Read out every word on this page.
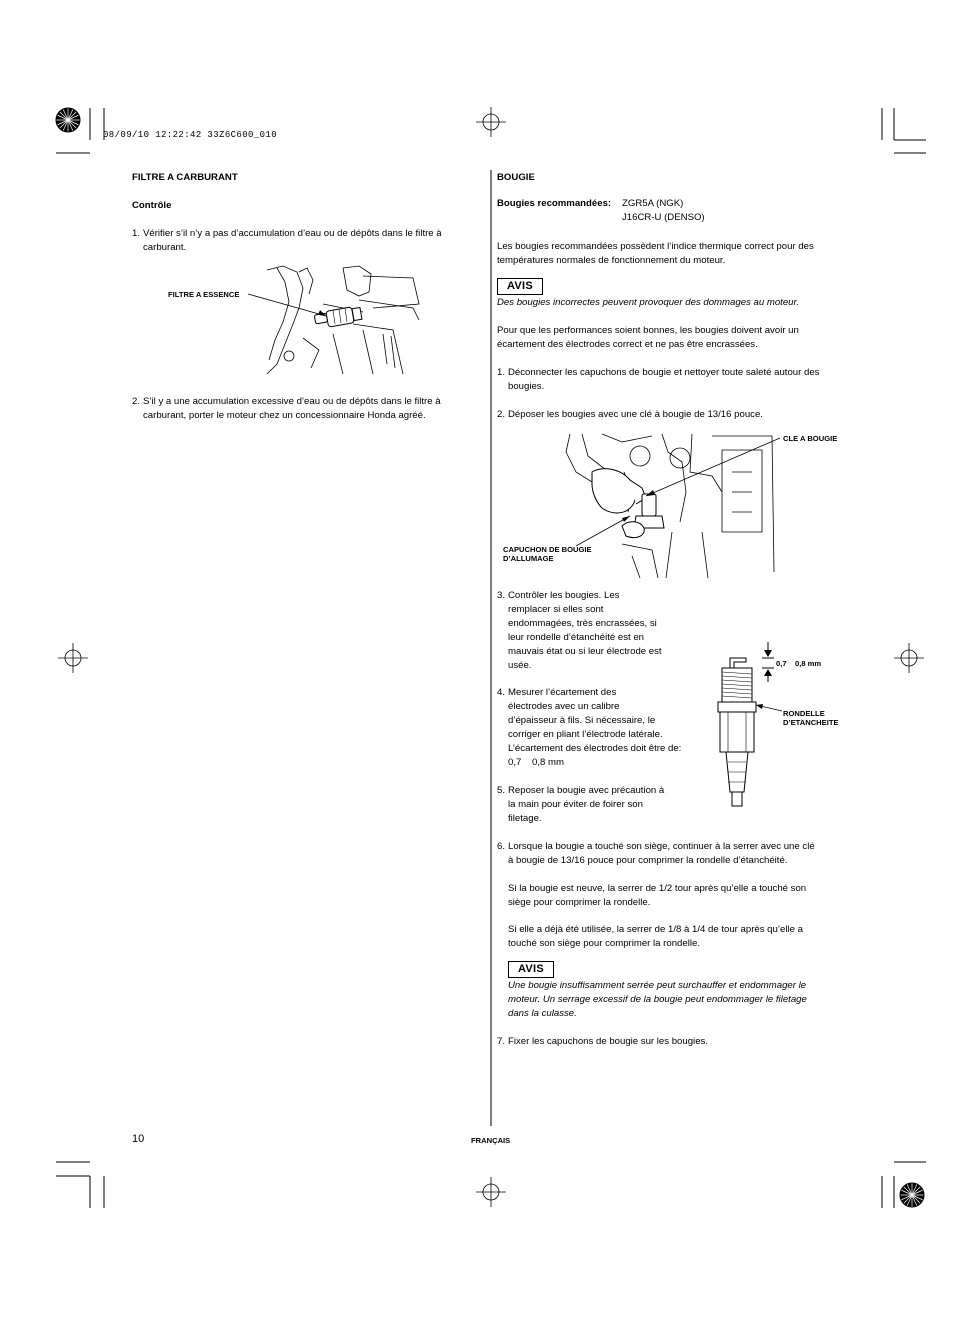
08/09/10 12:22:42 33Z6C600_010
FILTRE A CARBURANT
Contrôle
1. Vérifier s’il n’y a pas d’accumulation d’eau ou de dépôts dans le filtre à
carburant.
FILTRE A ESSENCE
2. S’il y a une accumulation excessive d’eau ou de dépôts dans le filtre à
carburant, porter le moteur chez un concessionnaire Honda agréé.
10	FRANÇAIS
BOUGIE
Bougies recommandées: ZGR5A (NGK)
J16CR-U (DENSO)
Les bougies recommandées possèdent l’indice thermique correct pour des
températures normales de fonctionnement du moteur.
AVIS
Des bougies incorrectes peuvent provoquer des dommages au moteur.
Pour que les performances soient bonnes, les bougies doivent avoir un
écartement des électrodes correct et ne pas être encrassées.
1. Déconnecter les capuchons de bougie et nettoyer toute saleté autour des
bougies.
2. Déposer les bougies avec une clé à bougie de 13/16 pouce.
CLE A BOUGIE
CAPUCHON DE BOUGIE
D’ALLUMAGE
3. Contrôler les bougies. Les
remplacer si elles sont
endommagées, très encrassées, si
leur rondelle d’étanchéité est en
mauvais état ou si leur électrode est
usée.
4. Mesurer l’écartement des
électrodes avec un calibre
d’épaisseur à fils. Si nécessaire, le
corriger en pliant l’électrode latérale.
L’écartement des électrodes doit être de:
0,7    0,8 mm
5. Reposer la bougie avec précaution à
la main pour éviter de foirer son
filetage.
0,7    0,8 mm
RONDELLE
D’ETANCHEITE
6. Lorsque la bougie a touché son siège, continuer à la serrer avec une clé
à bougie de 13/16 pouce pour comprimer la rondelle d’étanchéité.
Si la bougie est neuve, la serrer de 1/2 tour après qu’elle a touché son
siège pour comprimer la rondelle.
Si elle a déjà été utilisée, la serrer de 1/8 à 1/4 de tour après qu’elle a
touché son siège pour comprimer la rondelle.
AVIS
Une bougie insuffisamment serrée peut surchauffer et endommager le
moteur. Un serrage excessif de la bougie peut endommager le filetage
dans la culasse.
7. Fixer les capuchons de bougie sur les bougies.
